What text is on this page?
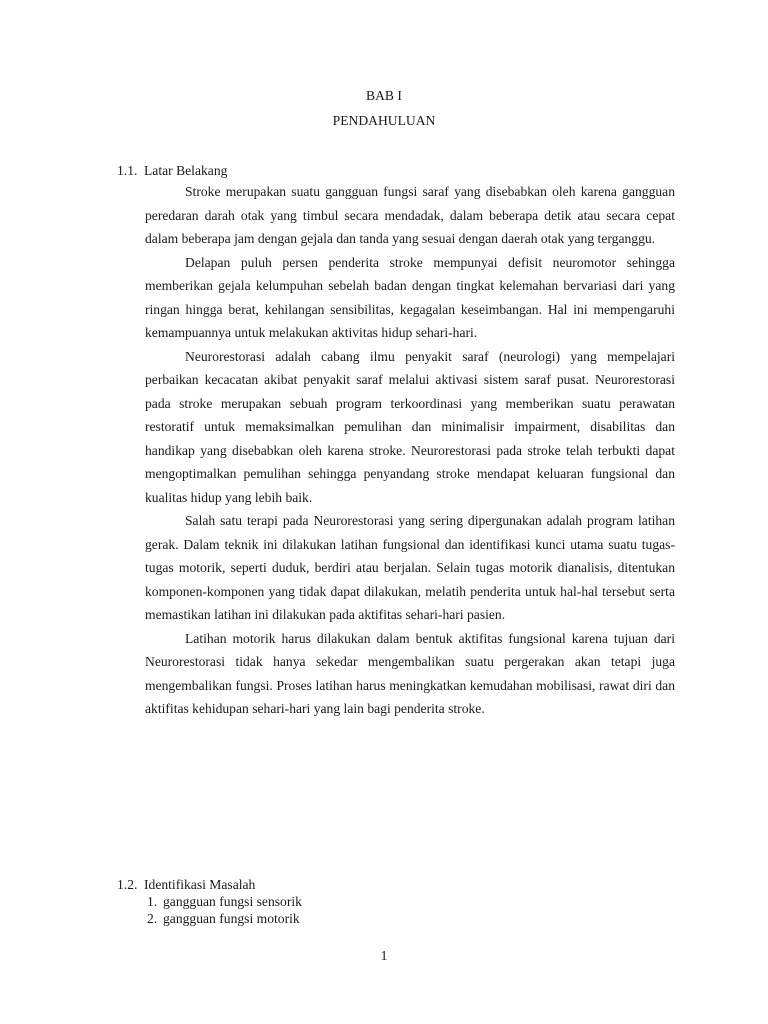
BAB I
PENDAHULUAN
1.1. Latar Belakang

Stroke merupakan suatu gangguan fungsi saraf yang disebabkan oleh karena gangguan peredaran darah otak yang timbul secara mendadak, dalam beberapa detik atau secara cepat dalam beberapa jam dengan gejala dan tanda yang sesuai dengan daerah otak yang terganggu.

Delapan puluh persen penderita stroke mempunyai defisit neuromotor sehingga memberikan gejala kelumpuhan sebelah badan dengan tingkat kelemahan bervariasi dari yang ringan hingga berat, kehilangan sensibilitas, kegagalan keseimbangan. Hal ini mempengaruhi kemampuannya untuk melakukan aktivitas hidup sehari-hari.

Neurorestorasi adalah cabang ilmu penyakit saraf (neurologi) yang mempelajari perbaikan kecacatan akibat penyakit saraf melalui aktivasi sistem saraf pusat. Neurorestorasi pada stroke merupakan sebuah program terkoordinasi yang memberikan suatu perawatan restoratif untuk memaksimalkan pemulihan dan minimalisir impairment, disabilitas dan handikap yang disebabkan oleh karena stroke. Neurorestorasi pada stroke telah terbukti dapat mengoptimalkan pemulihan sehingga penyandang stroke mendapat keluaran fungsional dan kualitas hidup yang lebih baik.

Salah satu terapi pada Neurorestorasi yang sering dipergunakan adalah program latihan gerak. Dalam teknik ini dilakukan latihan fungsional dan identifikasi kunci utama suatu tugas-tugas motorik, seperti duduk, berdiri atau berjalan. Selain tugas motorik dianalisis, ditentukan komponen-komponen yang tidak dapat dilakukan, melatih penderita untuk hal-hal tersebut serta memastikan latihan ini dilakukan pada aktifitas sehari-hari pasien.

Latihan motorik harus dilakukan dalam bentuk aktifitas fungsional karena tujuan dari Neurorestorasi tidak hanya sekedar mengembalikan suatu pergerakan akan tetapi juga mengembalikan fungsi. Proses latihan harus meningkatkan kemudahan mobilisasi, rawat diri dan aktifitas kehidupan sehari-hari yang lain bagi penderita stroke.

1.2. Identifikasi Masalah
1. gangguan fungsi sensorik
2. gangguan fungsi motorik
1
